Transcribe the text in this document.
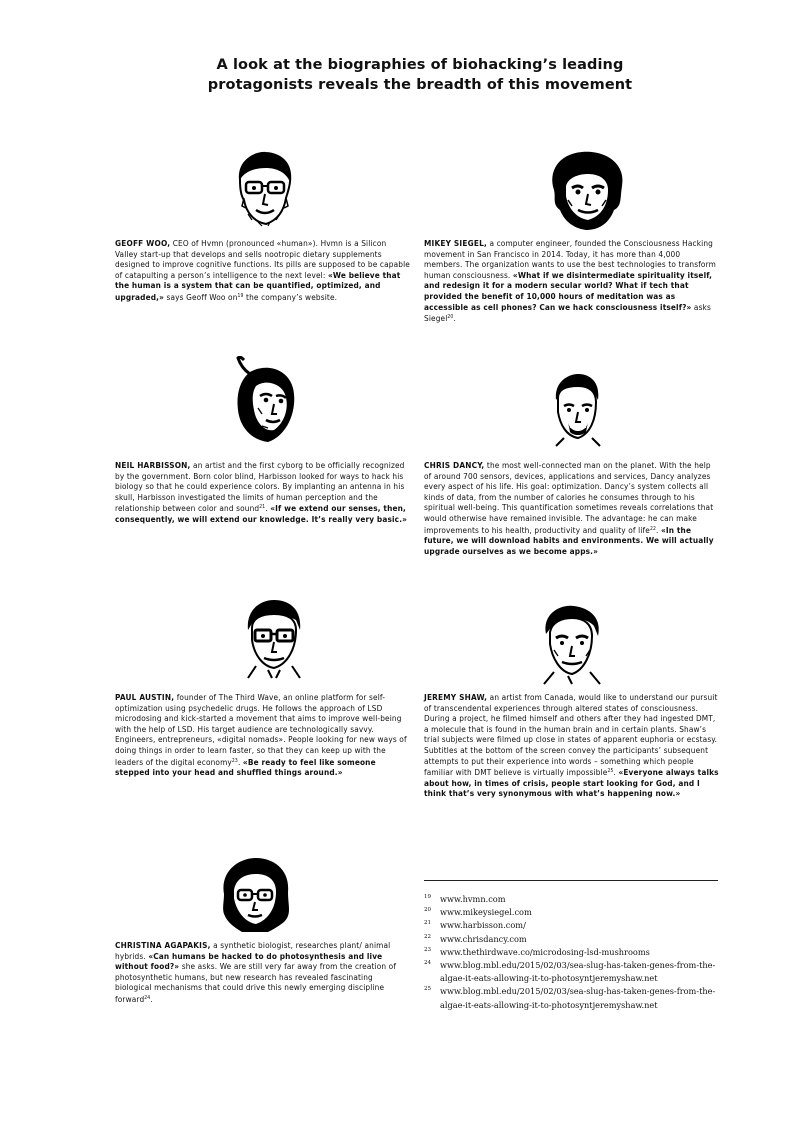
A look at the biographies of biohacking’s leading
protagonists reveals the breadth of this movement
GEOFF WOO, CEO of Hvmn (pronounced «human»). Hvmn is a Silicon Valley start-up that develops and sells nootropic dietary supplements designed to improve cognitive functions. Its pills are supposed to be capable of catapulting a person’s intelligence to the next level: «We believe that the human is a system that can be quantified, optimized, and upgraded,» says Geoff Woo on$^{19}$ the company’s website.
MIKEY SIEGEL, a computer engineer, founded the Consciousness Hacking movement in San Francisco in 2014. Today, it has more than 4,000 members. The organization wants to use the best technologies to transform human consciousness. «What if we disintermediate spirituality itself, and redesign it for a modern secular world? What if tech that provided the benefit of 10,000 hours of meditation was as accessible as cell phones? Can we hack consciousness itself?» asks Siegel$^{20}$.
NEIL HARBISSON, an artist and the first cyborg to be officially recognized by the government. Born color blind, Harbisson looked for ways to hack his biology so that he could experience colors. By implanting an antenna in his skull, Harbisson investigated the limits of human perception and the relationship between color and sound$^{21}$. «If we extend our senses, then, consequently, we will extend our knowledge. It’s really very basic.»
CHRIS DANCY, the most well-connected man on the planet. With the help of around 700 sensors, devices, applications and services, Dancy analyzes every aspect of his life. His goal: optimization. Dancy’s system collects all kinds of data, from the number of calories he consumes through to his spiritual well-being. This quantification sometimes reveals correlations that would otherwise have remained invisible. The advantage: he can make improvements to his health, productivity and quality of life$^{22}$. «In the future, we will download habits and environments. We will actually upgrade ourselves as we become apps.»
PAUL AUSTIN, founder of The Third Wave, an online platform for self-optimization using psychedelic drugs. He follows the approach of LSD microdosing and kick-started a movement that aims to improve well-being with the help of LSD. His target audience are technologically savvy. Engineers, entrepreneurs, «digital nomads». People looking for new ways of doing things in order to learn faster, so that they can keep up with the leaders of the digital economy$^{23}$. «Be ready to feel like someone stepped into your head and shuffled things around.»
JEREMY SHAW, an artist from Canada, would like to understand our pursuit of transcendental experiences through altered states of consciousness. During a project, he filmed himself and others after they had ingested DMT, a molecule that is found in the human brain and in certain plants. Shaw’s trial subjects were filmed up close in states of apparent euphoria or ecstasy. Subtitles at the bottom of the screen convey the participants’ subsequent attempts to put their experience into words – something which people familiar with DMT believe is virtually impossible$^{25}$. «Everyone always talks about how, in times of crisis, people start looking for God, and I think that’s very synonymous with what’s happening now.»
CHRISTINA AGAPAKIS, a synthetic biologist, researches plant/ animal hybrids. «Can humans be hacked to do photosynthesis and live without food?» she asks. We are still very far away from the creation of photosynthetic humans, but new research has revealed fascinating biological mechanisms that could drive this newly emerging discipline forward$^{24}$.
19 www.hvmn.com
20 www.mikeysiegel.com
21 www.harbisson.com/
22 www.chrisdancy.com
23 www.thethirdwave.co/microdosing-lsd-mushrooms
24 www.blog.mbl.edu/2015/02/03/sea-slug-has-taken-genes-from-the-algae-it-eats-allowing-it-to-photosyntjeremyshaw.net
25 www.blog.mbl.edu/2015/02/03/sea-slug-has-taken-genes-from-the-algae-it-eats-allowing-it-to-photosyntjeremyshaw.net
